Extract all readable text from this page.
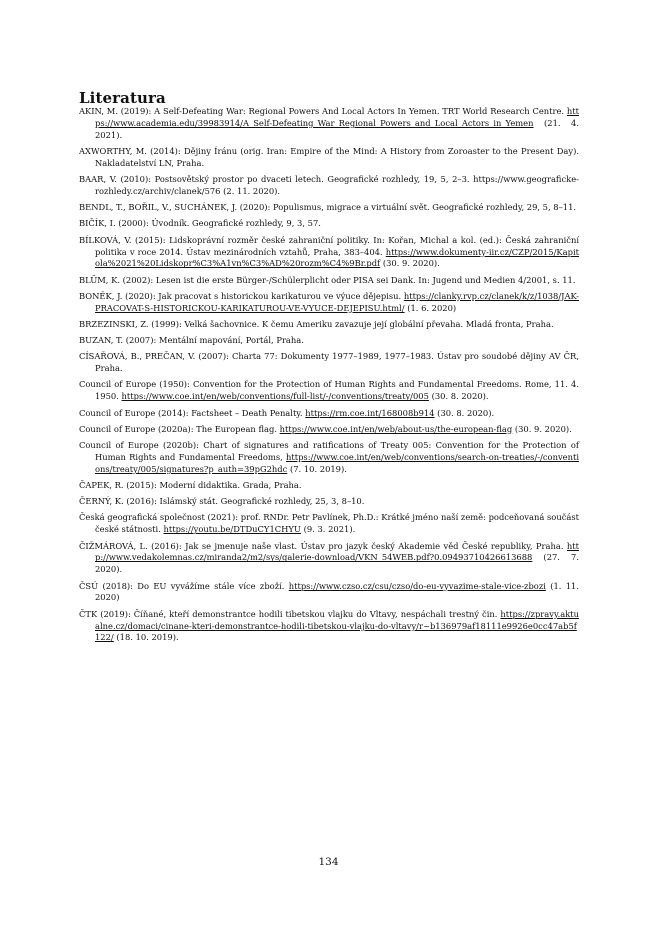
Literatura

AKIN, M. (2019): A Self-Defeating War: Regional Powers And Local Actors In Yemen. TRT World Research Centre. https://www.academia.edu/39983914/A_Self-Defeating_War_Regional_Powers_and_Local_Actors_in_Yemen (21. 4. 2021).

AXWORTHY, M. (2014): Dějiny Íránu (orig. Iran: Empire of the Mind: A History from Zoroaster to the Present Day). Nakladatelství LN, Praha.

BAAR, V. (2010): Postsovětský prostor po dvaceti letech. Geografické rozhledy, 19, 5, 2–3. https://www.geograficke-rozhledy.cz/archiv/clanek/576 (2. 11. 2020).

BENDL, T., BOŘIL, V., SUCHÁNEK, J. (2020): Populismus, migrace a virtuální svět. Geografické rozhledy, 29, 5, 8–11.

BIČÍK, I. (2000): Úvodník. Geografické rozhledy, 9, 3, 57.

BÍLKOVÁ, V. (2015): Lidskoprávní rozměr české zahraniční politiky. In: Kořan, Michal a kol. (ed.): Česká zahraniční politika v roce 2014. Ústav mezinárodních vztahů, Praha, 383–404. https://www.dokumenty-iir.cz/CZP/2015/Kapitola%2021%20Lidskopr%C3%A1vn%C3%AD%20rozm%C4%9Br.pdf (30. 9. 2020).

BLÜM, K. (2002): Lesen ist die erste Bürger-/Schülerplicht oder PISA sei Dank. In: Jugend und Medien 4/2001, s. 11.

BONĚK, J. (2020): Jak pracovat s historickou karikaturou ve výuce dějepisu. https://clanky.rvp.cz/clanek/k/z/1038/JAK-PRACOVAT-S-HISTORICKOU-KARIKATUROU-VE-VYUCE-DEJEPISU.html/ (1. 6. 2020)

BRZEZINSKI, Z. (1999): Velká šachovnice. K čemu Ameriku zavazuje její globální převaha. Mladá fronta, Praha.

BUZAN, T. (2007): Mentální mapování, Portál, Praha.

CÍSAŘOVÁ, B., PREČAN, V. (2007): Charta 77: Dokumenty 1977–1989, 1977–1983. Ústav pro soudobé dějiny AV ČR, Praha.

Council of Europe (1950): Convention for the Protection of Human Rights and Fundamental Freedoms. Rome, 11. 4. 1950. https://www.coe.int/en/web/conventions/full-list/-/conventions/treaty/005 (30. 8. 2020).

Council of Europe (2014): Factsheet – Death Penalty. https://rm.coe.int/168008b914 (30. 8. 2020).

Council of Europe (2020a): The European flag. https://www.coe.int/en/web/about-us/the-european-flag (30. 9. 2020).

Council of Europe (2020b): Chart of signatures and ratifications of Treaty 005: Convention for the Protection of Human Rights and Fundamental Freedoms, https://www.coe.int/en/web/conventions/search-on-treaties/-/conventions/treaty/005/signatures?p_auth=39pG2hdc (7. 10. 2019).

ČAPEK, R. (2015): Moderní didaktika. Grada, Praha.

ČERNÝ, K. (2016): Islámský stát. Geografické rozhledy, 25, 3, 8–10.

Česká geografická společnost (2021): prof. RNDr. Petr Pavlínek, Ph.D.: Krátké jméno naší země: podceňovaná součást české státnosti. https://youtu.be/DTDuCY1CHYU (9. 3. 2021).

ČIŽMÁROVÁ, L. (2016): Jak se jmenuje naše vlast. Ústav pro jazyk český Akademie věd České republiky, Praha. http://www.vedakolemnas.cz/miranda2/m2/sys/galerie-download/VKN_54WEB.pdf?0.09493710426613688 (27. 7. 2020).

ČSÚ (2018): Do EU vyvážíme stále více zboží. https://www.czso.cz/csu/czso/do-eu-vyvazime-stale-vice-zbozi (1. 11. 2020)

ČTK (2019): Číňané, kteří demonstrantce hodili tibetskou vlajku do Vltavy, nespáchali trestný čin. https://zpravy.aktualne.cz/domaci/cinane-kteri-demonstrantce-hodili-tibetskou-vlajku-do-vltavy/r~b136979af18111e9926e0cc47ab5f122/ (18. 10. 2019).

134
